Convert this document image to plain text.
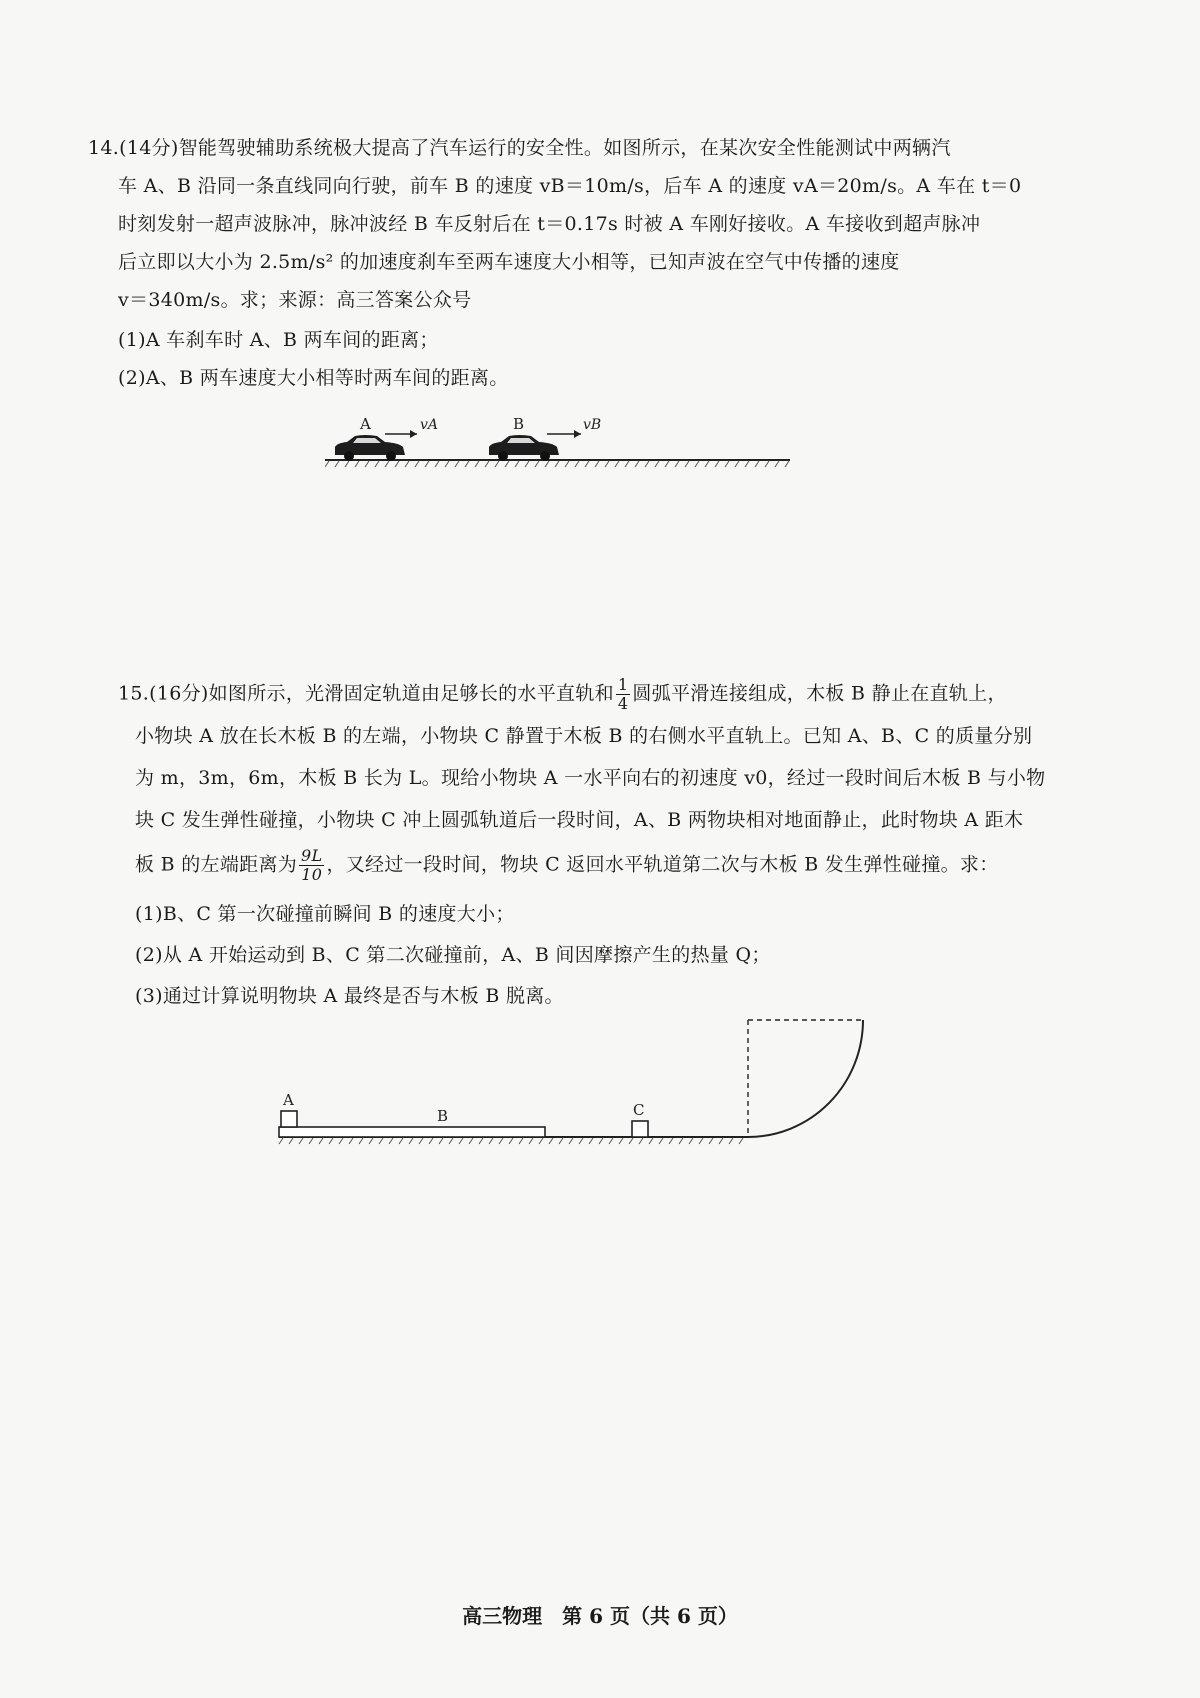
14.(14分)智能驾驶辅助系统极大提高了汽车运行的安全性。如图所示，在某次安全性能测试中两辆汽
车 A、B 沿同一条直线同向行驶，前车 B 的速度 vB＝10m/s，后车 A 的速度 vA＝20m/s。A 车在 t＝0
时刻发射一超声波脉冲，脉冲波经 B 车反射后在 t＝0.17s 时被 A 车刚好接收。A 车接收到超声脉冲
后立即以大小为 2.5m/s² 的加速度刹车至两车速度大小相等，已知声波在空气中传播的速度
v＝340m/s。求；来源：高三答案公众号
(1)A 车刹车时 A、B 两车间的距离；
(2)A、B 两车速度大小相等时两车间的距离。
A	vA	B	vB
15.(16分)如图所示，光滑固定轨道由足够长的水平直轨和 $\frac{1}{4}$ 圆弧平滑连接组成，木板 B 静止在直轨上，
小物块 A 放在长木板 B 的左端，小物块 C 静置于木板 B 的右侧水平直轨上。已知 A、B、C 的质量分别
为 m，3m，6m，木板 B 长为 L。现给小物块 A 一水平向右的初速度 v0，经过一段时间后木板 B 与小物
块 C 发生弹性碰撞，小物块 C 冲上圆弧轨道后一段时间，A、B 两物块相对地面静止，此时物块 A 距木
板 B 的左端距离为 $\frac{9L}{10}$ ，又经过一段时间，物块 C 返回水平轨道第二次与木板 B 发生弹性碰撞。求：
(1)B、C 第一次碰撞前瞬间 B 的速度大小；
(2)从 A 开始运动到 B、C 第二次碰撞前，A、B 间因摩擦产生的热量 Q；
(3)通过计算说明物块 A 最终是否与木板 B 脱离。
A
B	C
高三物理　第 6 页（共 6 页）
